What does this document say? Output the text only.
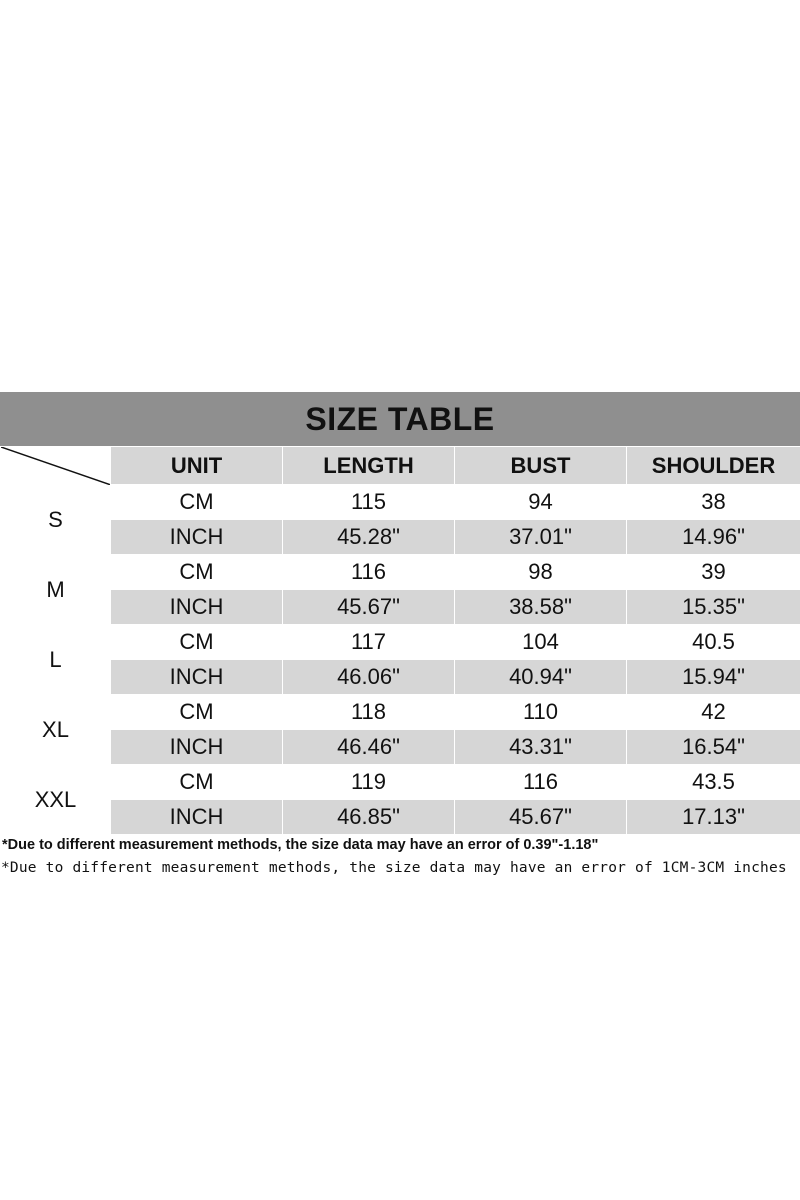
SIZE TABLE
	UNIT	LENGTH	BUST	SHOULDER
S	CM	115	94	38
	INCH	45.28"	37.01"	14.96"
M	CM	116	98	39
	INCH	45.67"	38.58"	15.35"
L	CM	117	104	40.5
	INCH	46.06"	40.94"	15.94"
XL	CM	118	110	42
	INCH	46.46"	43.31"	16.54"
XXL	CM	119	116	43.5
	INCH	46.85"	45.67"	17.13"
*Due to different measurement methods, the size data may have an error of 0.39"-1.18"
*Due to different measurement methods, the size data may have an error of 1CM-3CM inches
